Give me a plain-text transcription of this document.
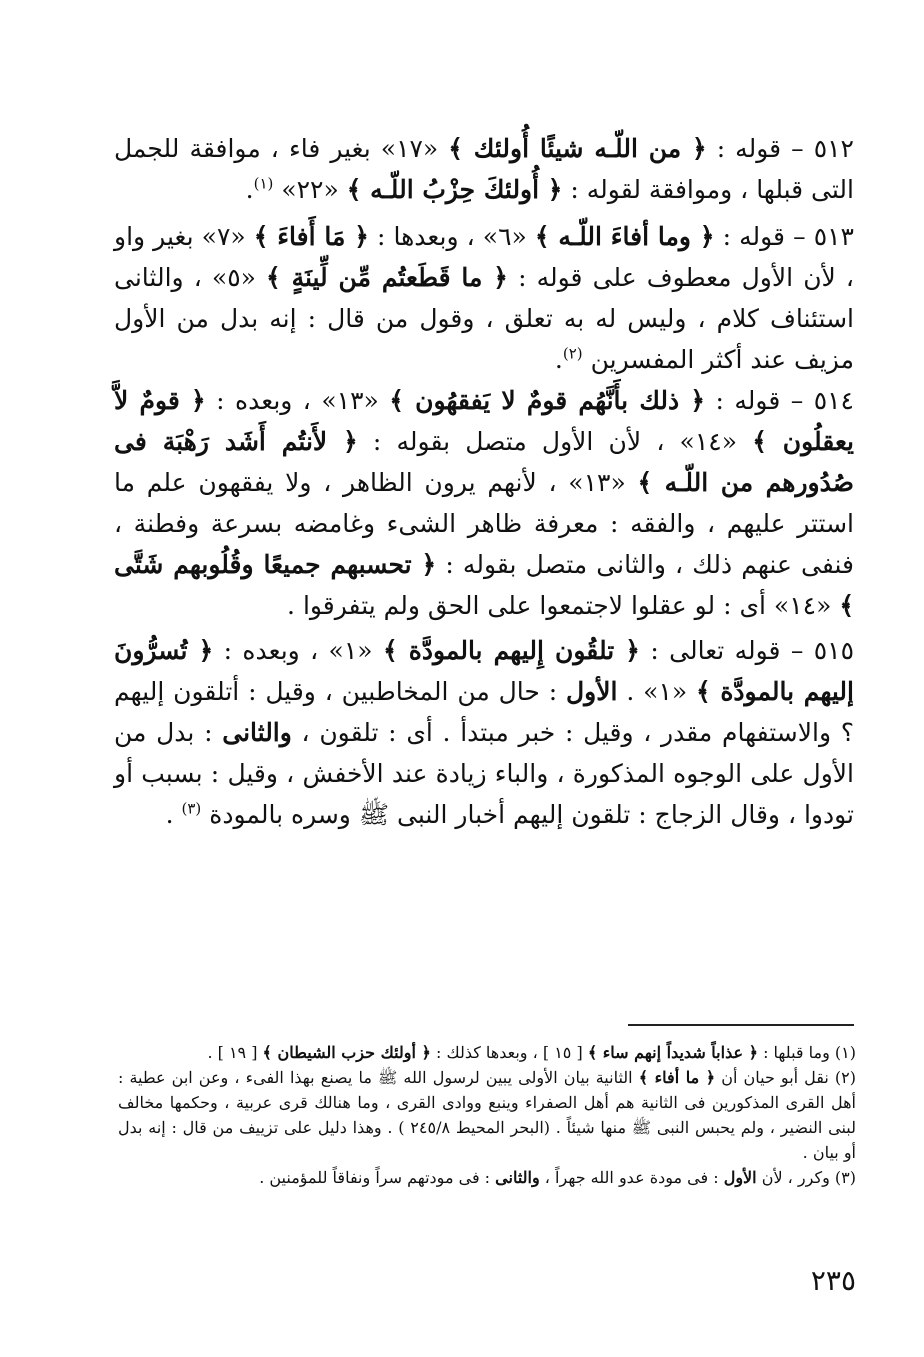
٥١٢ – قوله : ﴿ من اللّـه شيئًا أُولئك ﴾ «١٧» بغير فاء ، موافقة للجمل التى قبلها ، وموافقة لقوله : ﴿ أُولئكَ حِزْبُ اللّـه ﴾ «٢٢» $^{(١)}$.

٥١٣ – قوله : ﴿ وما أفاءَ اللّـه ﴾ «٦» ، وبعدها : ﴿ مَا أَفاءَ ﴾ «٧» بغير واو ، لأن الأول معطوف على قوله : ﴿ ما قَطَعتُم مِّن لِّينَةٍ ﴾ «٥» ، والثانى استئناف كلام ، وليس له به تعلق ، وقول من قال : إنه بدل من الأول مزيف عند أكثر المفسرين $^{(٢)}$.

٥١٤ – قوله : ﴿ ذلك بأَنَّهُم قومٌ لا يَفقهُون ﴾ «١٣» ، وبعده : ﴿ قومٌ لاَّ يعقلُون ﴾ «١٤» ، لأن الأول متصل بقوله : ﴿ لأَنتُم أَشَد رَهْبَة فى صُدُورهم من اللّـه ﴾ «١٣» ، لأنهم يرون الظاهر ، ولا يفقهون علم ما استتر عليهم ، والفقه : معرفة ظاهر الشىء وغامضه بسرعة وفطنة ، فنفى عنهم ذلك ، والثانى متصل بقوله : ﴿ تحسبهم جميعًا وقُلُوبهم شَتَّى ﴾ «١٤» أى : لو عقلوا لاجتمعوا على الحق ولم يتفرقوا .

٥١٥ – قوله تعالى : ﴿ تلقُون إِليهم بالمودَّة ﴾ «١» ، وبعده : ﴿ تُسرُّونَ إليهم بالمودَّة ﴾ «١» . الأول : حال من المخاطبين ، وقيل : أتلقون إليهم ؟ والاستفهام مقدر ، وقيل : خبر مبتدأ . أى : تلقون ، والثانى : بدل من الأول على الوجوه المذكورة ، والباء زيادة عند الأخفش ، وقيل : بسبب أو تودوا ، وقال الزجاج : تلقون إليهم أخبار النبى ﷺ وسره بالمودة $^{(٣)}$ .

(١) وما قبلها : ﴿ عذاباً شديداً إنهم ساء ﴾ [ ١٥ ] ، وبعدها كذلك : ﴿ أولئك حزب الشيطان ﴾ [ ١٩ ] .

(٢) نقل أبو حيان أن ﴿ ما أفاء ﴾ الثانية بيان الأولى يبين لرسول الله ﷺ ما يصنع بهذا الفىء ، وعن ابن عطية : أهل القرى المذكورين فى الثانية هم أهل الصفراء وينبع ووادى القرى ، وما هنالك قرى عربية ، وحكمها مخالف لبنى النضير ، ولم يحبس النبى ﷺ منها شيئاً . (البحر المحيط ٢٤٥/٨ ) . وهذا دليل على تزييف من قال : إنه بدل أو بيان .

(٣) وكرر ، لأن الأول : فى مودة عدو الله جهراً ، والثانى : فى مودتهم سراً ونفاقاً للمؤمنين .

٢٣٥
